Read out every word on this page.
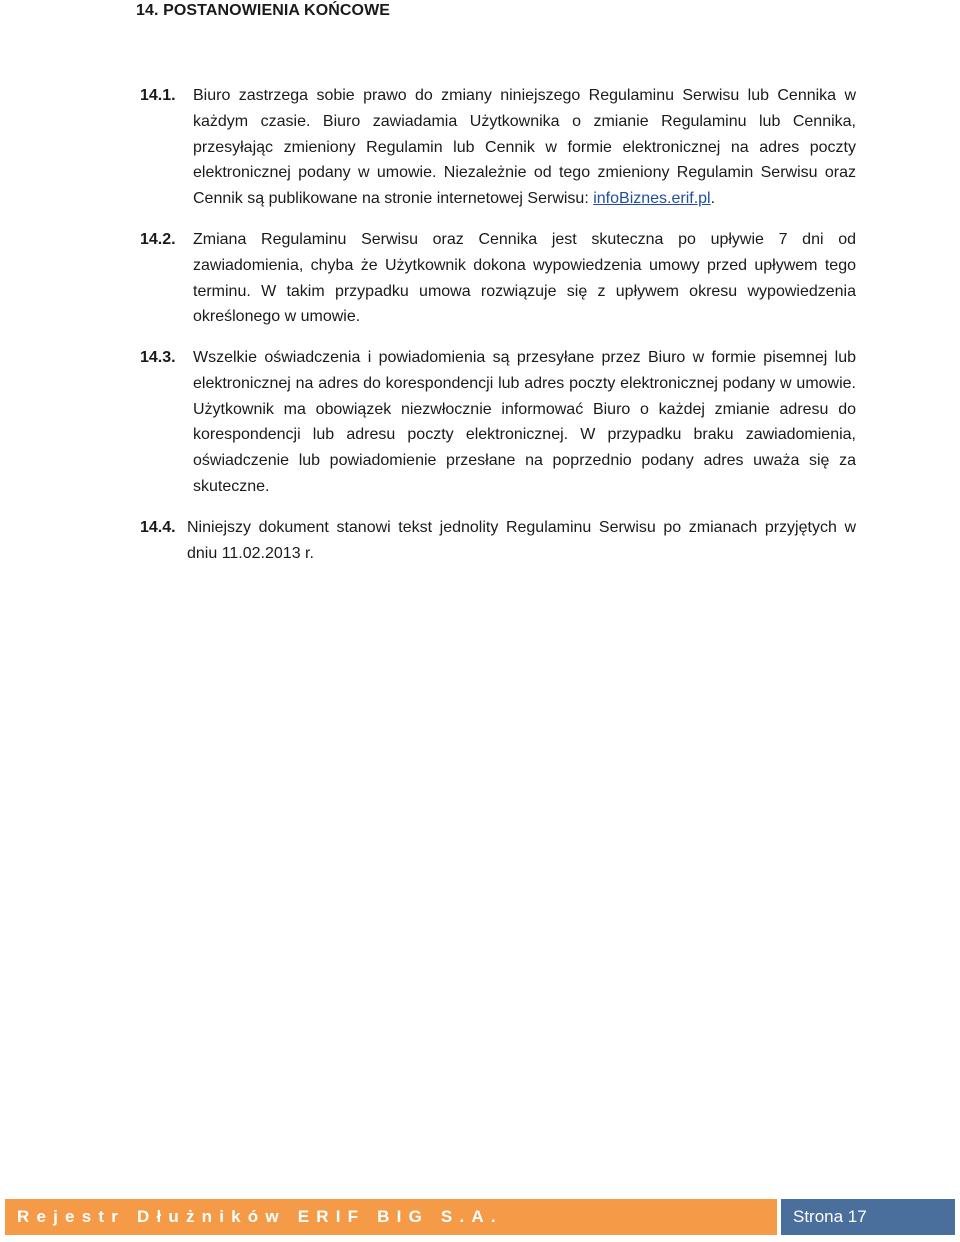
14. POSTANOWIENIA KOŃCOWE
14.1. Biuro zastrzega sobie prawo do zmiany niniejszego Regulaminu Serwisu lub Cennika w każdym czasie. Biuro zawiadamia Użytkownika o zmianie Regulaminu lub Cennika, przesyłając zmieniony Regulamin lub Cennik w formie elektronicznej na adres poczty elektronicznej podany w umowie. Niezależnie od tego zmieniony Regulamin Serwisu oraz Cennik są publikowane na stronie internetowej Serwisu: infoBiznes.erif.pl.
14.2. Zmiana Regulaminu Serwisu oraz Cennika jest skuteczna po upływie 7 dni od zawiadomienia, chyba że Użytkownik dokona wypowiedzenia umowy przed upływem tego terminu. W takim przypadku umowa rozwiązuje się z upływem okresu wypowiedzenia określonego w umowie.
14.3. Wszelkie oświadczenia i powiadomienia są przesyłane przez Biuro w formie pisemnej lub elektronicznej na adres do korespondencji lub adres poczty elektronicznej podany w umowie. Użytkownik ma obowiązek niezwłocznie informować Biuro o każdej zmianie adresu do korespondencji lub adresu poczty elektronicznej. W przypadku braku zawiadomienia, oświadczenie lub powiadomienie przesłane na poprzednio podany adres uważa się za skuteczne.
14.4. Niniejszy dokument stanowi tekst jednolity Regulaminu Serwisu po zmianach przyjętych w dniu 11.02.2013 r.
Rejestr Dłużników ERIF BIG S.A.	Strona 17
